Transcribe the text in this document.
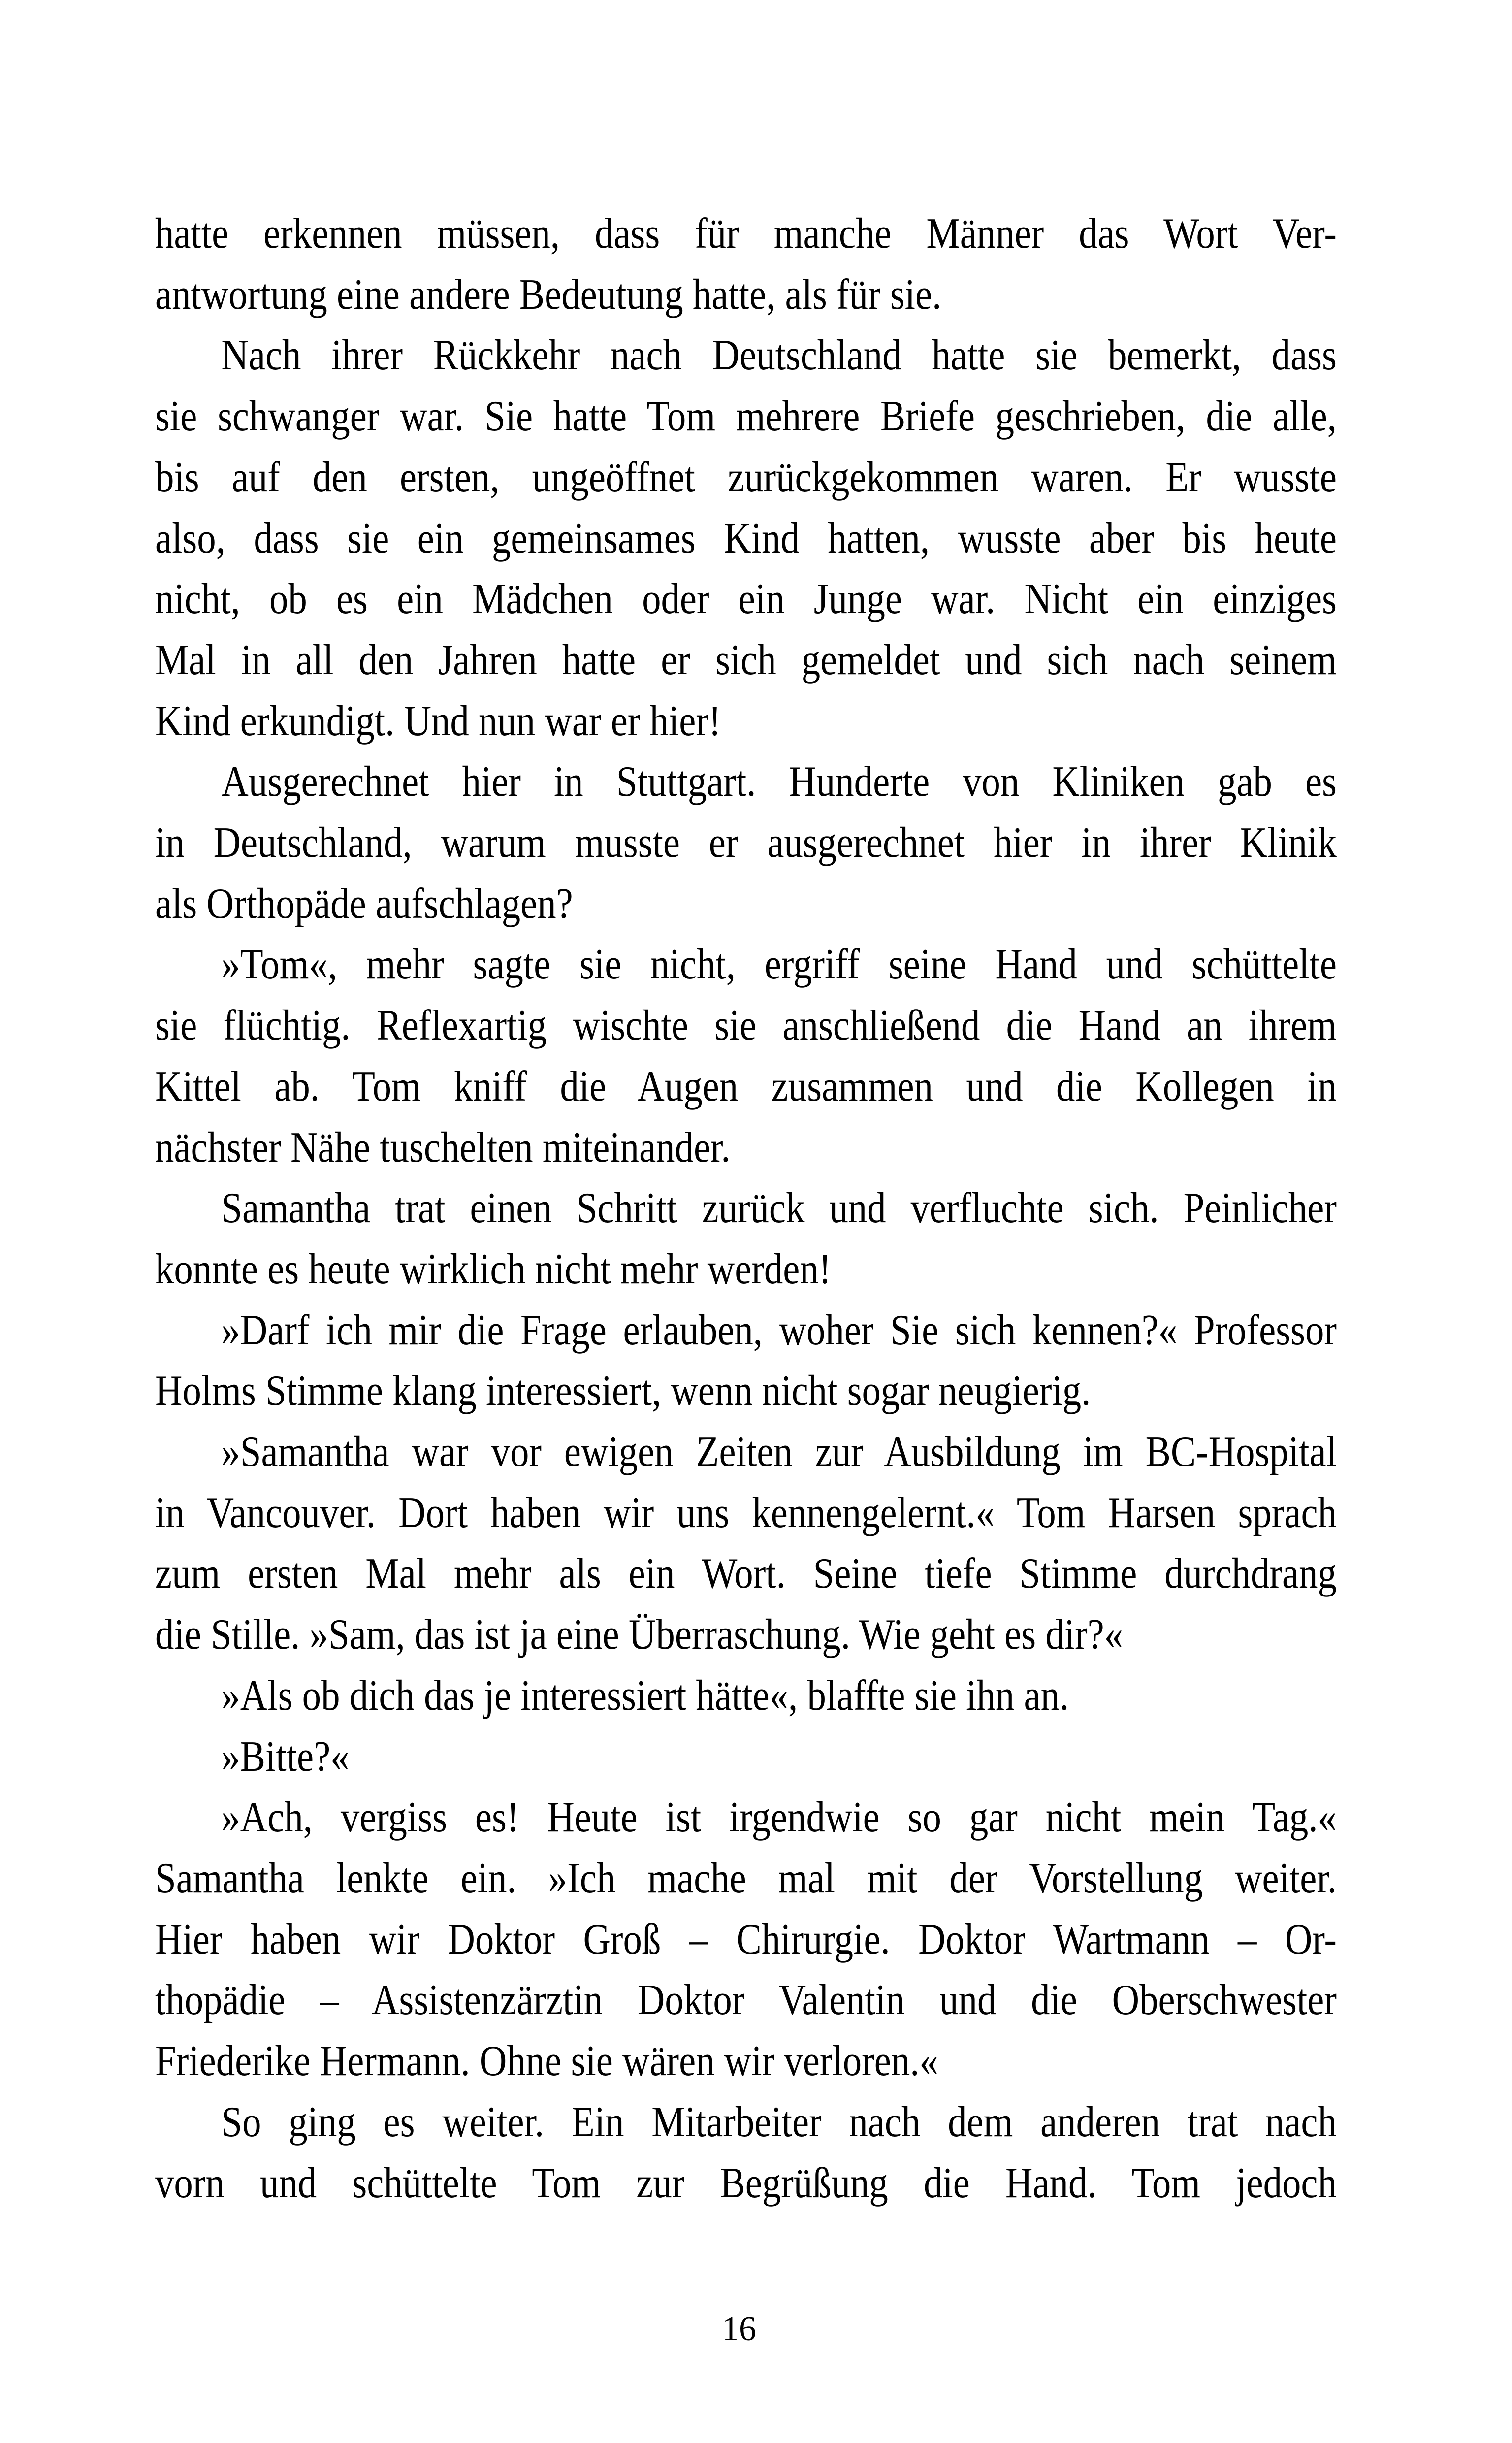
hatte erkennen müssen, dass für manche Männer das Wort Ver-
antwortung eine andere Bedeutung hatte, als für sie.
Nach ihrer Rückkehr nach Deutschland hatte sie bemerkt, dass
sie schwanger war. Sie hatte Tom mehrere Briefe geschrieben, die alle,
bis auf den ersten, ungeöffnet zurückgekommen waren. Er wusste
also, dass sie ein gemeinsames Kind hatten, wusste aber bis heute
nicht, ob es ein Mädchen oder ein Junge war. Nicht ein einziges
Mal in all den Jahren hatte er sich gemeldet und sich nach seinem
Kind erkundigt. Und nun war er hier!
Ausgerechnet hier in Stuttgart. Hunderte von Kliniken gab es
in Deutschland, warum musste er ausgerechnet hier in ihrer Klinik
als Orthopäde aufschlagen?
»Tom«, mehr sagte sie nicht, ergriff seine Hand und schüttelte
sie flüchtig. Reflexartig wischte sie anschließend die Hand an ihrem
Kittel ab. Tom kniff die Augen zusammen und die Kollegen in
nächster Nähe tuschelten miteinander.
Samantha trat einen Schritt zurück und verfluchte sich. Peinlicher
konnte es heute wirklich nicht mehr werden!
»Darf ich mir die Frage erlauben, woher Sie sich kennen?« Professor
Holms Stimme klang interessiert, wenn nicht sogar neugierig.
»Samantha war vor ewigen Zeiten zur Ausbildung im BC-Hospital
in Vancouver. Dort haben wir uns kennengelernt.« Tom Harsen sprach
zum ersten Mal mehr als ein Wort. Seine tiefe Stimme durchdrang
die Stille. »Sam, das ist ja eine Überraschung. Wie geht es dir?«
»Als ob dich das je interessiert hätte«, blaffte sie ihn an.
»Bitte?«
»Ach, vergiss es! Heute ist irgendwie so gar nicht mein Tag.«
Samantha lenkte ein. »Ich mache mal mit der Vorstellung weiter.
Hier haben wir Doktor Groß – Chirurgie. Doktor Wartmann – Or-
thopädie – Assistenzärztin Doktor Valentin und die Oberschwester
Friederike Hermann. Ohne sie wären wir verloren.«
So ging es weiter. Ein Mitarbeiter nach dem anderen trat nach
vorn und schüttelte Tom zur Begrüßung die Hand. Tom jedoch
16
